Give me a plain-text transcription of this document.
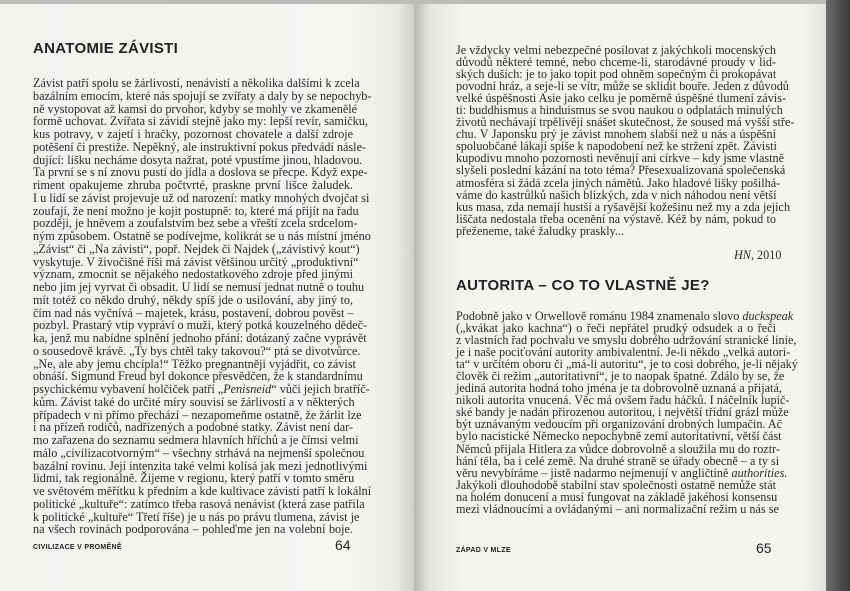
ANATOMIE ZÁVISTI
Závist patří spolu se žárlivostí, nenávistí a několika dalšími k zcela
bazálním emocím, které nás spojují se zvířaty a daly by se nepochyb-
ně vystopovat až kamsi do prvohor, kdyby se mohly ve zkamenělé
formě uchovat. Zvířata si závidí stejně jako my: lepší revír, samičku,
kus potravy, v zajetí i hračky, pozornost chovatele a další zdroje
potěšení či prestiže. Nepěkný, ale instruktivní pokus předvádí násle-
dující: lišku necháme dosyta nažrat, poté vpustíme jinou, hladovou.
Ta první se s ní znovu pustí do jídla a doslova se přecpe. Když expe-
riment opakujeme zhruba počtvrté, praskne první lišce žaludek.
I u lidí se závist projevuje už od narození: matky mnohých dvojčat si
zoufají, že není možno je kojit postupně: to, které má přijít na řadu
později, je hněvem a zoufalstvím bez sebe a vřeští zcela srdcelom-
ným způsobem. Ostatně se podívejme, kolikrát se u nás místní jméno
„Závist“ či „Na závisti“, popř. Nejdek či Najdek („závistivý kout“)
vyskytuje. V živočišné říši má závist většinou určitý „produktivní“
význam, zmocnit se nějakého nedostatkového zdroje před jinými
nebo jim jej vyrvat či obsadit. U lidí se nemusí jednat nutně o touhu
mít totéž co někdo druhý, někdy spíš jde o usilování, aby jiný to,
čím nad nás vyčnívá – majetek, krásu, postavení, dobrou pověst –
pozbyl. Prastarý vtip vypráví o muži, který potká kouzelného dědeč-
ka, jenž mu nabídne splnění jednoho přání: dotázaný začne vyprávět
o sousedově krávě. „Ty bys chtěl taky takovou?“ ptá se divotvůrce.
„Ne, ale aby jemu chcípla!“ Těžko pregnantněji vyjádřit, co závist
obnáší. Sigmund Freud byl dokonce přesvědčen, že k standardnímu
psychickému vybavení holčiček patří „Penisneid“ vůči jejich bratříč-
kům. Závist také do určité míry souvisí se žárlivostí a v některých
případech v ni přímo přechází – nezapomeňme ostatně, že žárlit lze
i na přízeň rodičů, nadřízených a podobné statky. Závist není dar-
mo zařazena do seznamu sedmera hlavních hříchů a je čímsi velmi
málo „civilizacotvorným“ – všechny strhává na nejmenší společnou
bazální rovinu. Její intenzita také velmi kolísá jak mezi jednotlivými
lidmi, tak regionálně. Žijeme v regionu, který patří v tomto směru
ve světovém měřítku k předním a kde kultivace závisti patří k lokální
politické „kultuře“: zatímco třeba rasová nenávist (která zase patřila
k politické „kultuře“ Třetí říše) je u nás po právu tlumena, závist je
na všech rovinách podporována – pohleďme jen na volební boje.
CIVILIZACE V PROMĚNĚ	64
Je vždycky velmi nebezpečné posilovat z jakýchkoli mocenských
důvodů některé temné, nebo chceme-li, starodávné proudy v lid-
ských duších: je to jako topit pod ohněm sopečným či prokopávat
povodní hráz, a seje-li se vítr, může se sklidit bouře. Jeden z důvodů
velké úspěšnosti Asie jako celku je poměrně úspěšné tlumení závis-
ti: buddhismus a hinduismus se svou naukou o odplatách minulých
životů nechávají trpělivěji snášet skutečnost, že soused má vyšší stře-
chu. V Japonsku prý je závist mnohem slabší než u nás a úspěšní
spoluobčané lákají spíše k napodobení než ke stržení zpět. Závisti
kupodivu mnoho pozornosti nevěnují ani církve – kdy jsme vlastně
slyšeli poslední kázání na toto téma? Přesexualizovaná společenská
atmosféra si žádá zcela jiných námětů. Jako hladové lišky pošilhá-
váme do kastrůlků našich blízkých, zda v nich náhodou není větší
kus masa, zda nemají hustší a ryšavější kožešinu než my a zda jejich
liščata nedostala třeba ocenění na výstavě. Kéž by nám, pokud to
přeženeme, také žaludky praskly...
HN, 2010
AUTORITA – CO TO VLASTNĚ JE?
Podobně jako v Orwellově románu 1984 znamenalo slovo duckspeak
(„kvákat jako kachna“) o řeči nepřátel prudký odsudek a o řeči
z vlastních řad pochvalu ve smyslu dobrého udržování stranické linie,
je i naše pociťování autority ambivalentní. Je-li někdo „velká autori-
ta“ v určitém oboru či „má-li autoritu“, je to cosi dobrého, je-li nějaký
člověk či režim „autoritativní“, je to naopak špatné. Zdálo by se, že
jediná autorita hodná toho jména je ta dobrovolně uznaná a přijatá,
nikoli autorita vnucená. Věc má ovšem řadu háčků. I náčelník lupič-
ské bandy je nadán přirozenou autoritou, i největší třídní grázl může
být uznávaným vedoucím při organizování drobných lumpačin. Ač
bylo nacistické Německo nepochybně zemí autoritativní, větší část
Němců přijala Hitlera za vůdce dobrovolně a sloužila mu do roztr-
hání těla, ba i celé země. Na druhé straně se úřady obecně – a ty si
věru nevybíráme – jistě nadarmo nejmenují v angličtině authorities.
Jakýkoli dlouhodobě stabilní stav společnosti ostatně nemůže stát
na holém donucení a musí fungovat na základě jakéhosi konsensu
mezi vládnoucími a ovládanými – ani normalizační režim u nás se
ZÁPAD V MLZE	65
